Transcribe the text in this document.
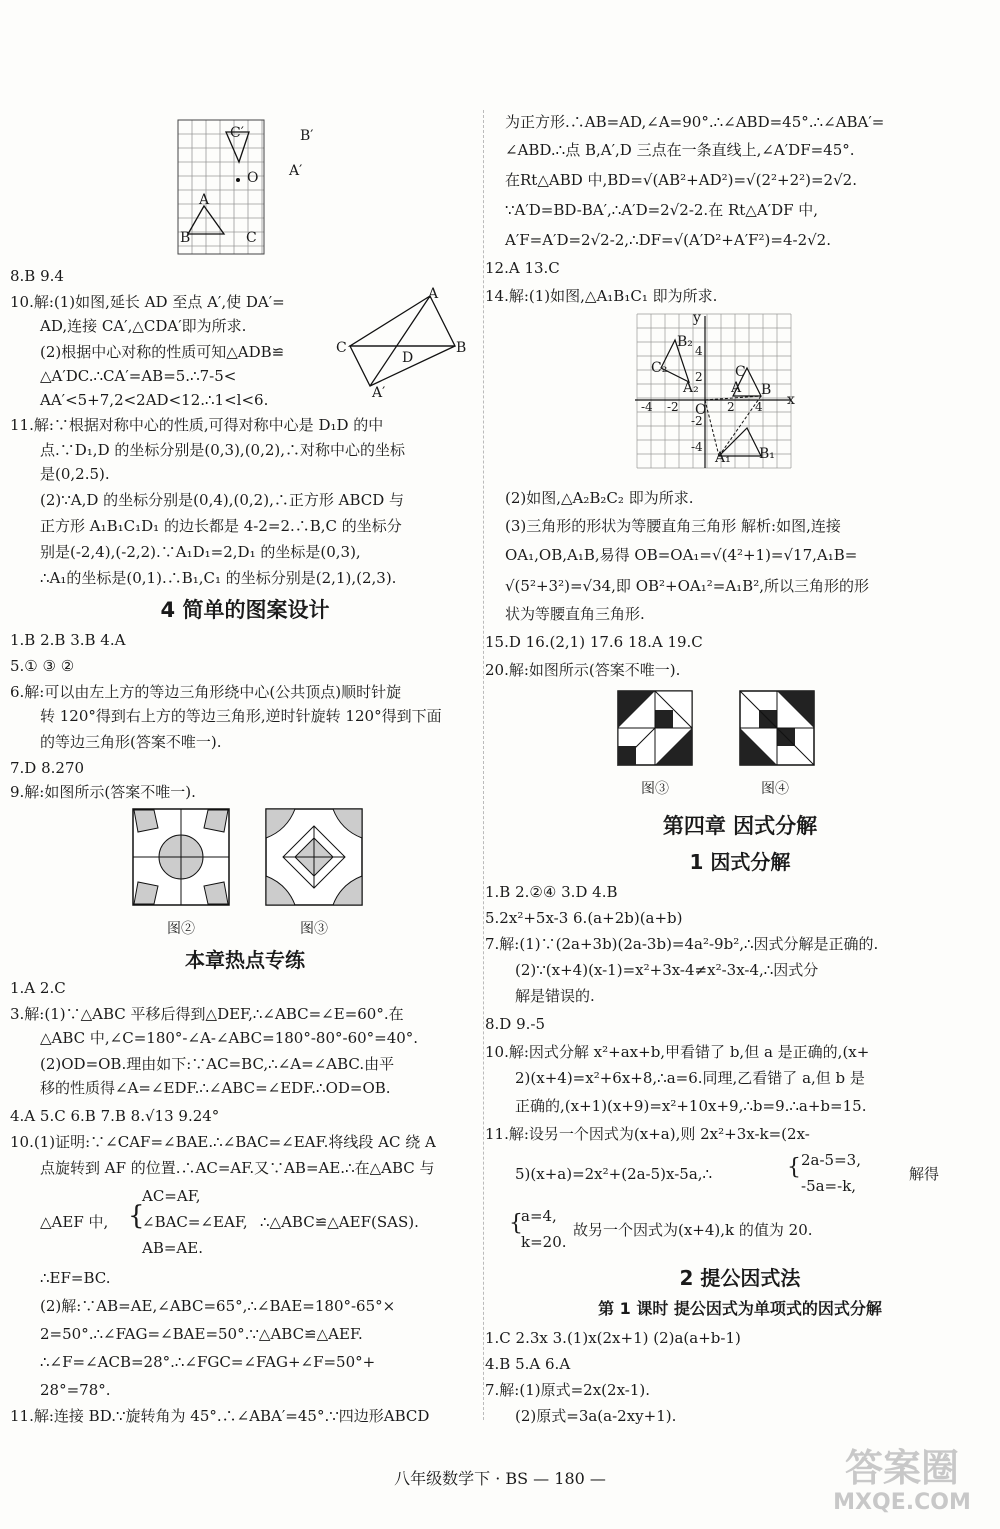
C′	B′
A′
O
A
B	C
8.B 9.4
10.解:(1)如图,延长 AD 至点 A′,使 DA′=
AD,连接 CA′,△CDA′即为所求.
(2)根据中心对称的性质可知△ADB≌
△A′DC.∴CA′=AB=5.∴7-5<
AA′<5+7,2<2AD<12.∴1<l<6.
A
B
C
D
A′
11.解:∵根据对称中心的性质,可得对称中心是 D₁D 的中
点.∵D₁,D 的坐标分别是(0,3),(0,2),∴对称中心的坐标
是(0,2.5).
(2)∵A,D 的坐标分别是(0,4),(0,2),∴正方形 ABCD 与
正方形 A₁B₁C₁D₁ 的边长都是 4-2=2.∴B,C 的坐标分
别是(-2,4),(-2,2).∵A₁D₁=2,D₁ 的坐标是(0,3),
∴A₁的坐标是(0,1).∴B₁,C₁ 的坐标分别是(2,1),(2,3).
4 简单的图案设计
1.B 2.B 3.B 4.A
5.① ③ ②
6.解:可以由左上方的等边三角形绕中心(公共顶点)顺时针旋
转 120°得到右上方的等边三角形,逆时针旋转 120°得到下面
的等边三角形(答案不唯一).
7.D 8.270
9.解:如图所示(答案不唯一).
图②	图③
本章热点专练
1.A 2.C
3.解:(1)∵△ABC 平移后得到△DEF,∴∠ABC=∠E=60°.在
△ABC 中,∠C=180°-∠A-∠ABC=180°-80°-60°=40°.
(2)OD=OB.理由如下:∵AC=BC,∴∠A=∠ABC.由平
移的性质得∠A=∠EDF.∴∠ABC=∠EDF.∴OD=OB.
4.A 5.C 6.B 7.B 8.√13 9.24°
10.(1)证明:∵∠CAF=∠BAE.∴∠BAC=∠EAF.将线段 AC 绕 A
点旋转到 AF 的位置.∴AC=AF.又∵AB=AE.∴在△ABC 与
△AEF 中, {
AC=AF,
∠BAC=∠EAF,
AB=AE.
∴△ABC≌△AEF(SAS).
∴EF=BC.
(2)解:∵AB=AE,∠ABC=65°,∴∠BAE=180°-65°×
2=50°.∴∠FAG=∠BAE=50°.∵△ABC≌△AEF.
∴∠F=∠ACB=28°.∴∠FGC=∠FAG+∠F=50°+
28°=78°.
11.解:连接 BD.∵旋转角为 45°.∴∠ABA′=45°.∵四边形ABCD
为正方形.∴AB=AD,∠A=90°.∴∠ABD=45°.∴∠ABA′=
∠ABD.∴点 B,A′,D 三点在一条直线上,∠A′DF=45°.
在Rt△ABD 中,BD=√(AB²+AD²)=√(2²+2²)=2√2.
∵A′D=BD-BA′,∴A′D=2√2-2.在 Rt△A′DF 中,
A′F=A′D=2√2-2,∴DF=√(A′D²+A′F²)=4-2√2.
12.A 13.C
14.解:(1)如图,△A₁B₁C₁ 即为所求.
y
x
B₂
C₂
A₂	B
A
C
O
A₁ B₁
-4 -2	2 4
4
2
-2
-4
(2)如图,△A₂B₂C₂ 即为所求.
(3)三角形的形状为等腰直角三角形 解析:如图,连接
OA₁,OB,A₁B,易得 OB=OA₁=√(4²+1)=√17,A₁B=
√(5²+3²)=√34,即 OB²+OA₁²=A₁B²,所以三角形的形
状为等腰直角三角形.
15.D 16.(2,1) 17.6 18.A 19.C
20.解:如图所示(答案不唯一).
图③	图④
第四章 因式分解
1 因式分解
1.B 2.②④ 3.D 4.B
5.2x²+5x-3 6.(a+2b)(a+b)
7.解:(1)∵(2a+3b)(2a-3b)=4a²-9b²,∴因式分解是正确的.
(2)∵(x+4)(x-1)=x²+3x-4≠x²-3x-4,∴因式分
解是错误的.
8.D 9.-5
10.解:因式分解 x²+ax+b,甲看错了 b,但 a 是正确的,(x+
2)(x+4)=x²+6x+8,∴a=6.同理,乙看错了 a,但 b 是
正确的,(x+1)(x+9)=x²+10x+9,∴b=9.∴a+b=15.
11.解:设另一个因式为(x+a),则 2x²+3x-k=(2x-
5)(x+a)=2x²+(2a-5)x-5a,∴	{ 2a-5=3,
-5a=-k,
解得
{
a=4,
k=20.
故另一个因式为(x+4),k 的值为 20.
2 提公因式法
第 1 课时 提公因式为单项式的因式分解
1.C 2.3x 3.(1)x(2x+1) (2)a(a+b-1)
4.B 5.A 6.A
7.解:(1)原式=2x(2x-1).
(2)原式=3a(a-2xy+1).
八年级数学下 · BS — 180 —	答案圈
MXQE.COM
